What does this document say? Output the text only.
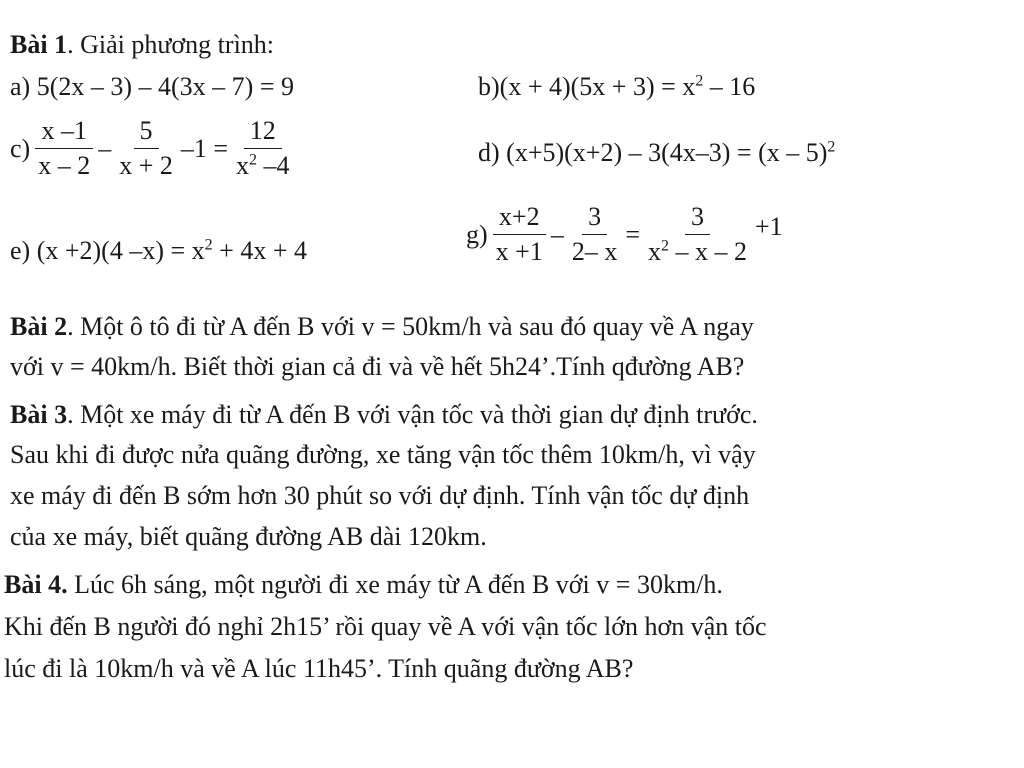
Bài 1. Giải phương trình:
a) 5(2x – 3) – 4(3x – 7) = 9	$b)(x + 4)(5x + 3) = x^2 - 16$
$c) \frac{x -1}{x - 2} - \frac{5}{x + 2} -1 = \frac{12}{x^2 -4}$	d) (x+5)(x+2) – 3(4x–3) = (x – 5)$^2$
e) (x +2)(4 $-x) = x^2 + 4x + 4$
$g) \frac{x+2}{x +1} - \frac{3}{2- x} = \frac{3}{x^2 - x - 2} +1$
Bài 2. Một ô tô đi từ A đến B với v = 50km/h và sau đó quay về A ngay
với v = 40km/h. Biết thời gian cả đi và về hết 5h24’.Tính qđường AB?
Bài 3. Một xe máy đi từ A đến B với vận tốc và thời gian dự định trước.
Sau khi đi được nửa quãng đường, xe tăng vận tốc thêm 10km/h, vì vậy
xe máy đi đến B sớm hơn 30 phút so với dự định. Tính vận tốc dự định
của xe máy, biết quãng đường AB dài 120km.
Bài 4. Lúc 6h sáng, một người đi xe máy từ A đến B với v = 30km/h.
Khi đến B người đó nghỉ 2h15’ rồi quay về A với vận tốc lớn hơn vận tốc
lúc đi là 10km/h và về A lúc 11h45’. Tính quãng đường AB?
